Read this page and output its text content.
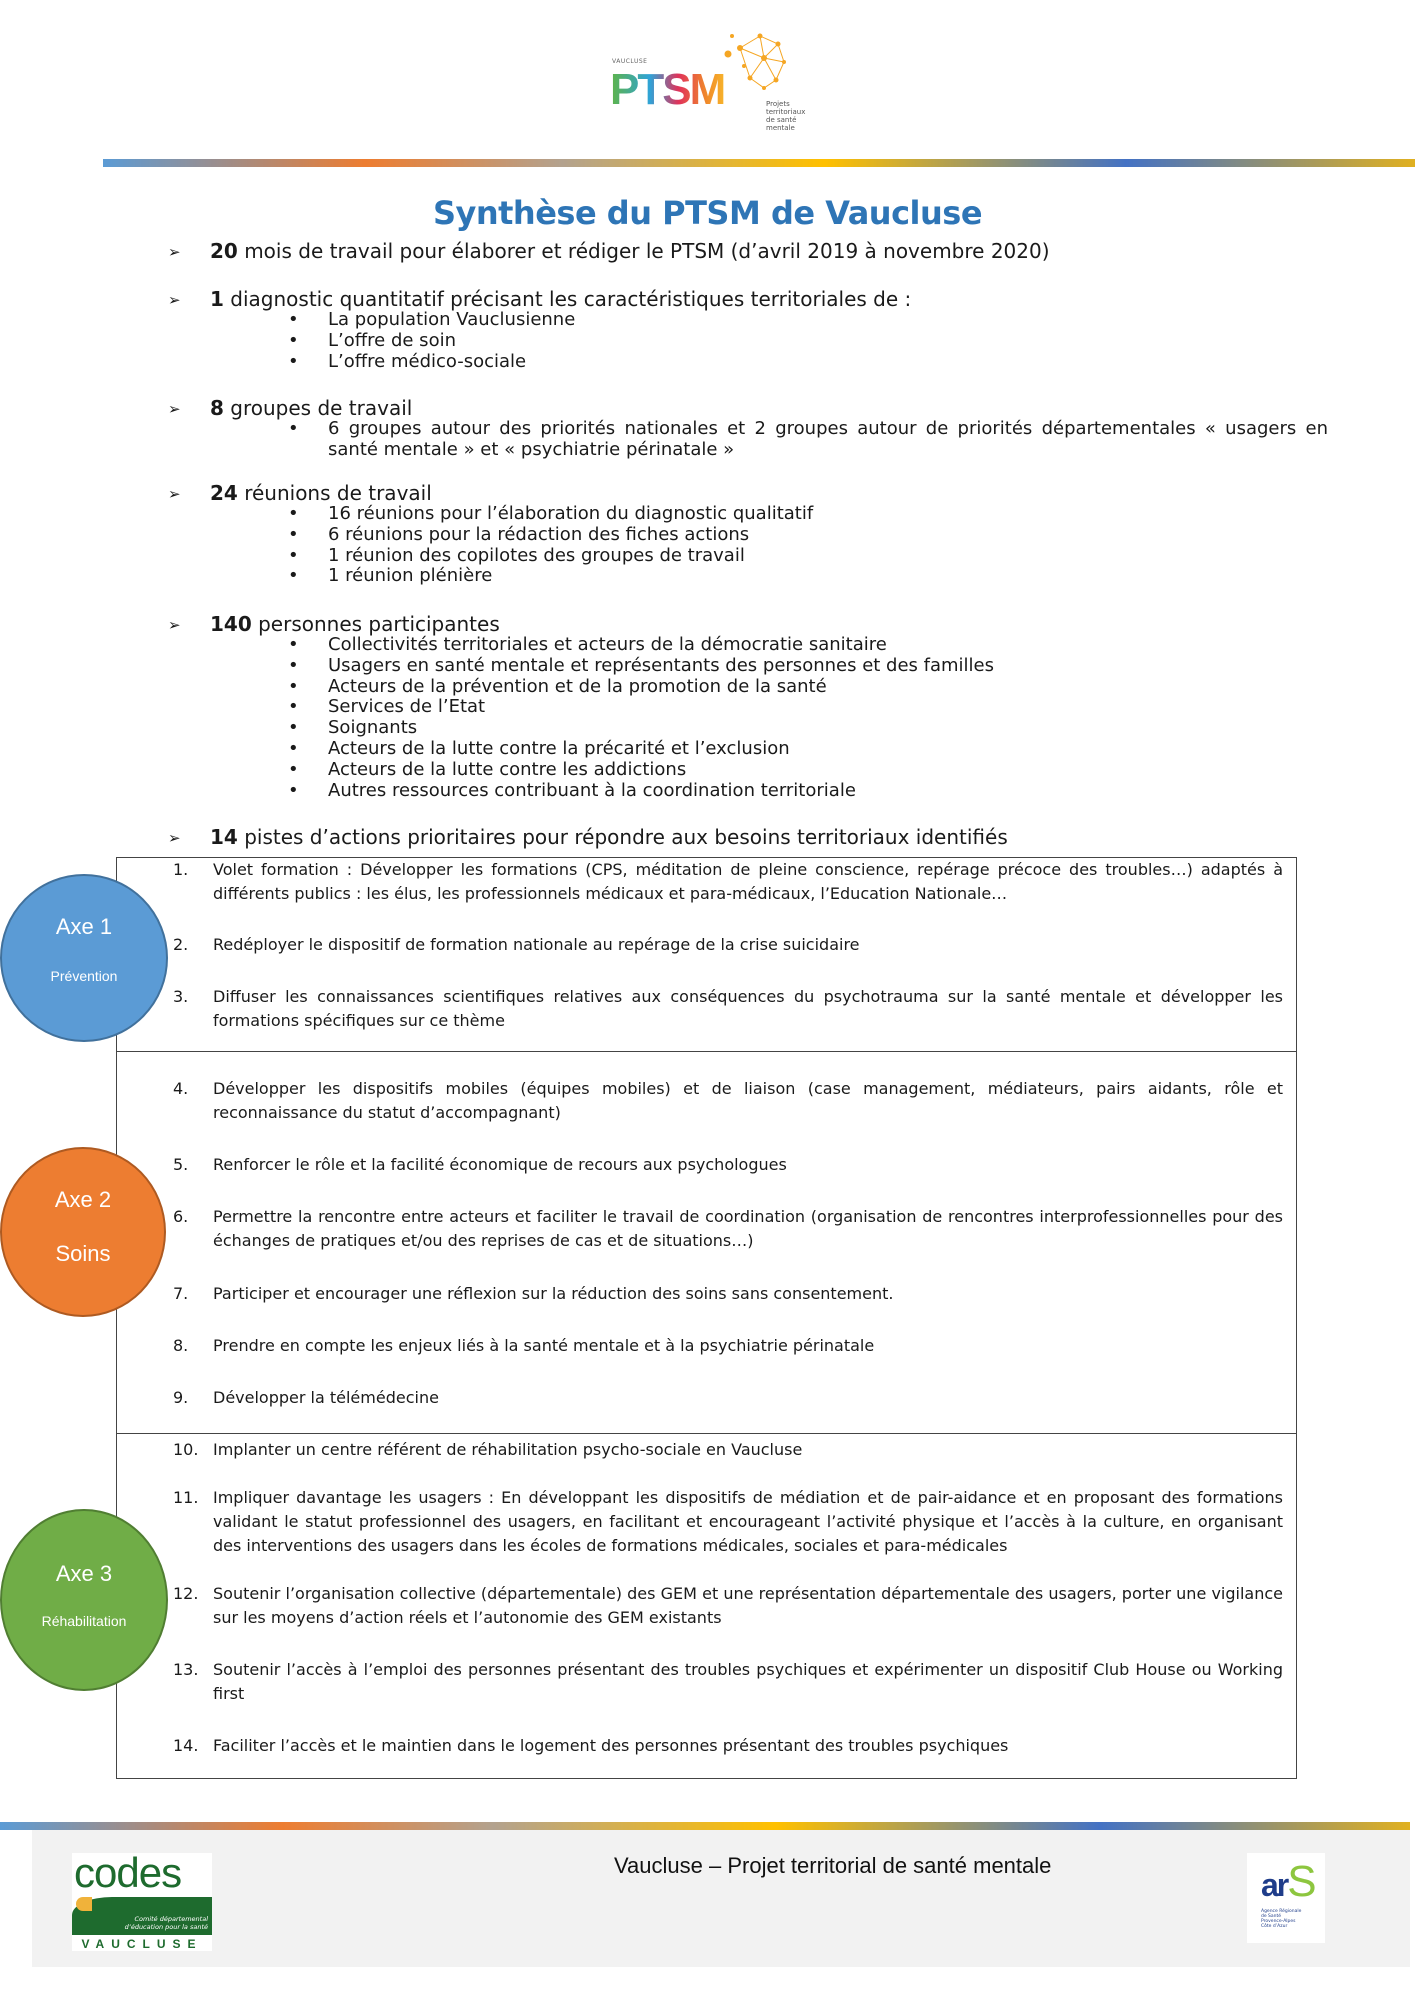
PTSM
VAUCLUSE
Projets
territoriaux
de santé mentale
Synthèse du PTSM de Vaucluse
➢ 20 mois de travail pour élaborer et rédiger le PTSM (d’avril 2019 à novembre 2020)
➢ 1 diagnostic quantitatif précisant les caractéristiques territoriales de :
• La population Vauclusienne
• L’offre de soin
• L’offre médico-sociale
➢ 8 groupes de travail
• 6 groupes autour des priorités nationales et 2 groupes autour de priorités départementales « usagers en santé mentale » et « psychiatrie périnatale »
➢ 24 réunions de travail
• 16 réunions pour l’élaboration du diagnostic qualitatif
• 6 réunions pour la rédaction des fiches actions
• 1 réunion des copilotes des groupes de travail
• 1 réunion plénière
➢ 140 personnes participantes
• Collectivités territoriales et acteurs de la démocratie sanitaire
• Usagers en santé mentale et représentants des personnes et des familles
• Acteurs de la prévention et de la promotion de la santé
• Services de l’Etat
• Soignants
• Acteurs de la lutte contre la précarité et l’exclusion
• Acteurs de la lutte contre les addictions
• Autres ressources contribuant à la coordination territoriale
➢ 14 pistes d’actions prioritaires pour répondre aux besoins territoriaux identifiés
1. Volet formation : Développer les formations (CPS, méditation de pleine conscience, repérage précoce des troubles…) adaptés à différents publics : les élus, les professionnels médicaux et para-médicaux, l’Education Nationale…
2. Redéployer le dispositif de formation nationale au repérage de la crise suicidaire
3. Diffuser les connaissances scientifiques relatives aux conséquences du psychotrauma sur la santé mentale et développer les formations spécifiques sur ce thème
4. Développer les dispositifs mobiles (équipes mobiles) et de liaison (case management, médiateurs, pairs aidants, rôle et reconnaissance du statut d’accompagnant)
5. Renforcer le rôle et la facilité économique de recours aux psychologues
6. Permettre la rencontre entre acteurs et faciliter le travail de coordination (organisation de rencontres interprofessionnelles pour des échanges de pratiques et/ou des reprises de cas et de situations…)
7. Participer et encourager une réflexion sur la réduction des soins sans consentement.
8. Prendre en compte les enjeux liés à la santé mentale et à la psychiatrie périnatale
9. Développer la télémédecine
10. Implanter un centre référent de réhabilitation psycho-sociale en Vaucluse
11. Impliquer davantage les usagers : En développant les dispositifs de médiation et de pair-aidance et en proposant des formations validant le statut professionnel des usagers, en facilitant et encourageant l’activité physique et l’accès à la culture, en organisant des interventions des usagers dans les écoles de formations médicales, sociales et para-médicales
12. Soutenir l’organisation collective (départementale) des GEM et une représentation départementale des usagers, porter une vigilance sur les moyens d’action réels et l’autonomie des GEM existants
13. Soutenir l’accès à l’emploi des personnes présentant des troubles psychiques et expérimenter un dispositif Club House ou Working first
14. Faciliter l’accès et le maintien dans le logement des personnes présentant des troubles psychiques
Axe 1
Prévention
Axe 2
Soins
Axe 3
Réhabilitation
codes
Comité départemental
d’éducation pour la santé
VAUCLUSE
Vaucluse – Projet territorial de santé mentale
arS
Agence Régionale de Santé
Provence-Alpes
Côte d’Azur
